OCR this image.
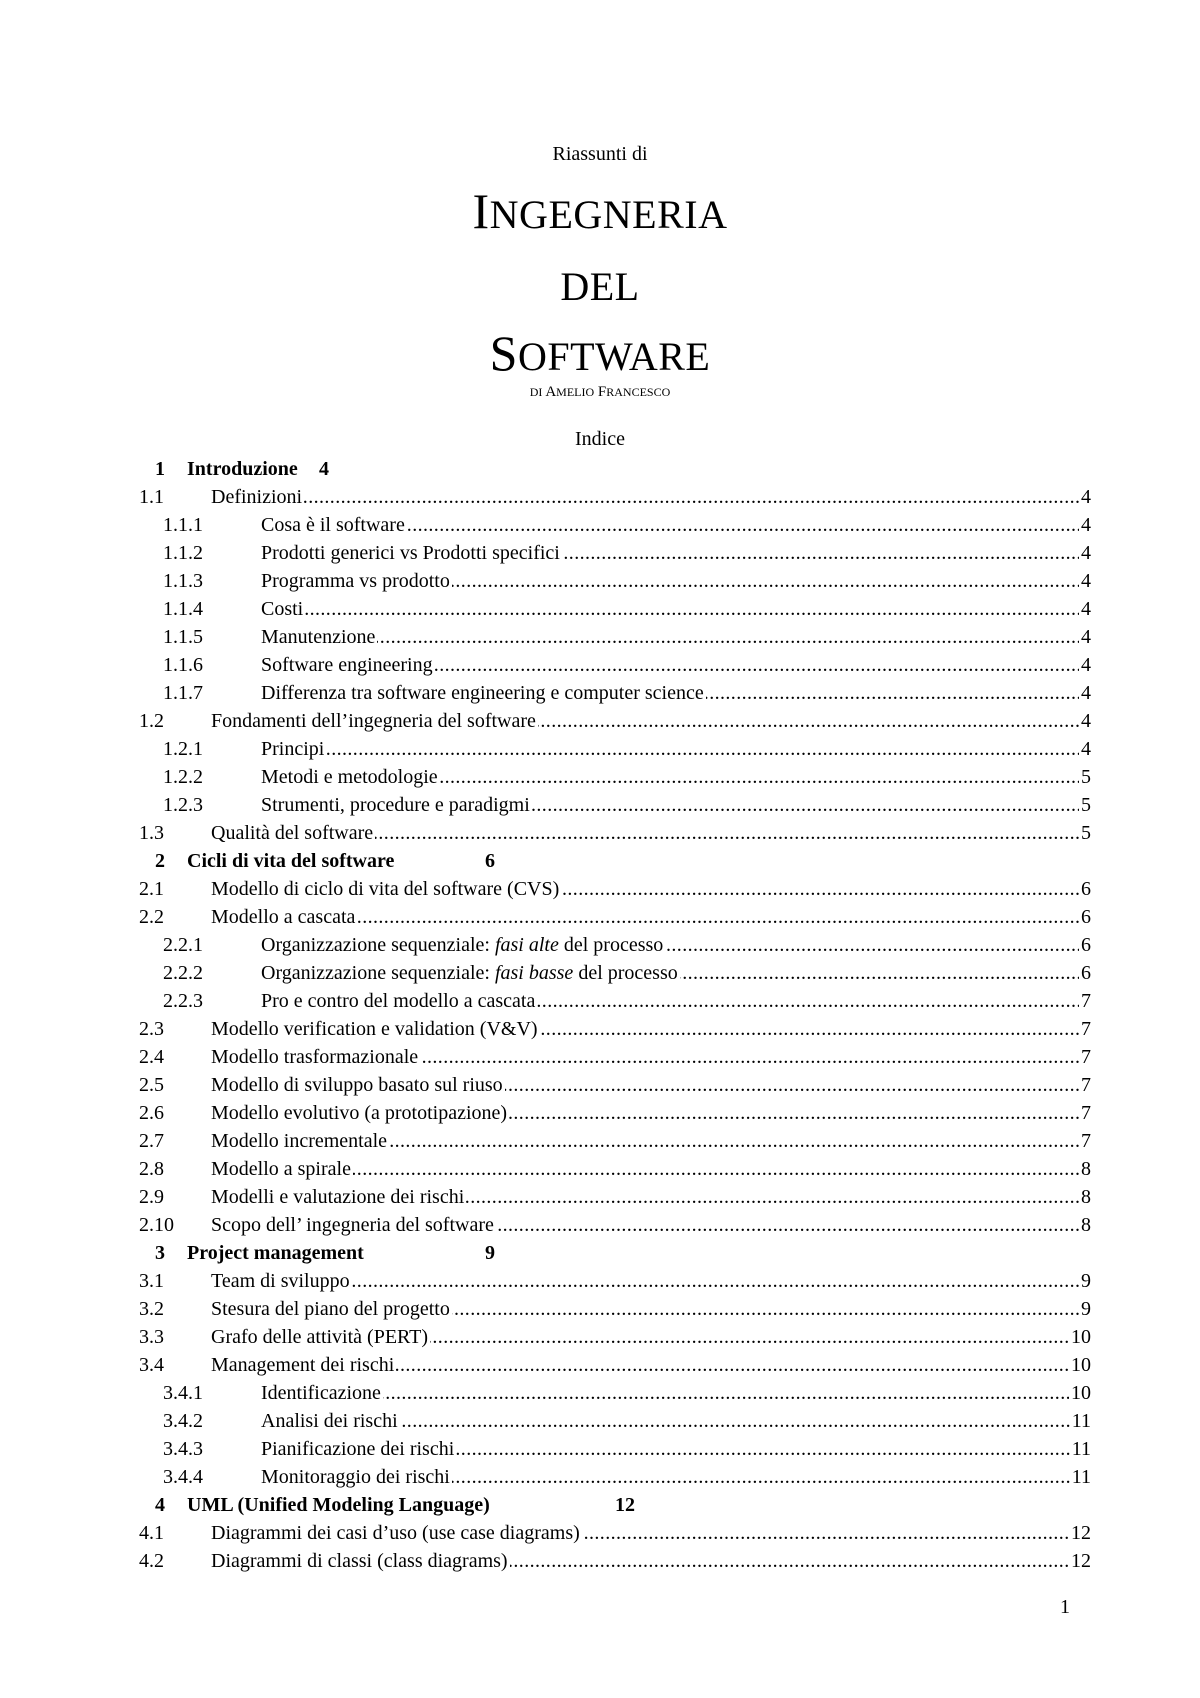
Riassunti di
INGEGNERIA
DEL
SOFTWARE
DI AMELIO FRANCESCO
Indice
1 Introduzione 4
1.1 Definizioni .....	4
1.1.1	Cosa è il software .....	4
1.1.2	Prodotti generici vs Prodotti specifici .....	4
1.1.3	Programma vs prodotto .....	4
1.1.4	Costi .....	4
1.1.5	Manutenzione .....	4
1.1.6	Software engineering .....	4
1.1.7	Differenza tra software engineering e computer science .....	4
1.2 Fondamenti dell’ingegneria del software .....	4
1.2.1	Principi .....	4
1.2.2	Metodi e metodologie .....	5
1.2.3	Strumenti, procedure e paradigmi .....	5
1.3 Qualità del software .....	5
2 Cicli di vita del software	6
2.1 Modello di ciclo di vita del software (CVS) .....	6
2.2 Modello a cascata .....	6
2.2.1	Organizzazione sequenziale: fasi alte del processo .....	6
2.2.2	Organizzazione sequenziale: fasi basse del processo .....	6
2.2.3	Pro e contro del modello a cascata .....	7
2.3 Modello verification e validation (V&V) .....	7
2.4 Modello trasformazionale .....	7
2.5 Modello di sviluppo basato sul riuso .....	7
2.6 Modello evolutivo (a prototipazione) .....	7
2.7 Modello incrementale .....	7
2.8 Modello a spirale .....	8
2.9 Modelli e valutazione dei rischi .....	8
2.10 Scopo dell’ ingegneria del software .....	8
3 Project management	9
3.1 Team di sviluppo .....	9
3.2 Stesura del piano del progetto .....	9
3.3 Grafo delle attività (PERT) .....	10
3.4 Management dei rischi .....	10
3.4.1	Identificazione .....	10
3.4.2	Analisi dei rischi .....	11
3.4.3	Pianificazione dei rischi .....	11
3.4.4	Monitoraggio dei rischi .....	11
4 UML (Unified Modeling Language)	12
4.1 Diagrammi dei casi d’uso (use case diagrams) .....	12
4.2 Diagrammi di classi (class diagrams) .....	12
1
